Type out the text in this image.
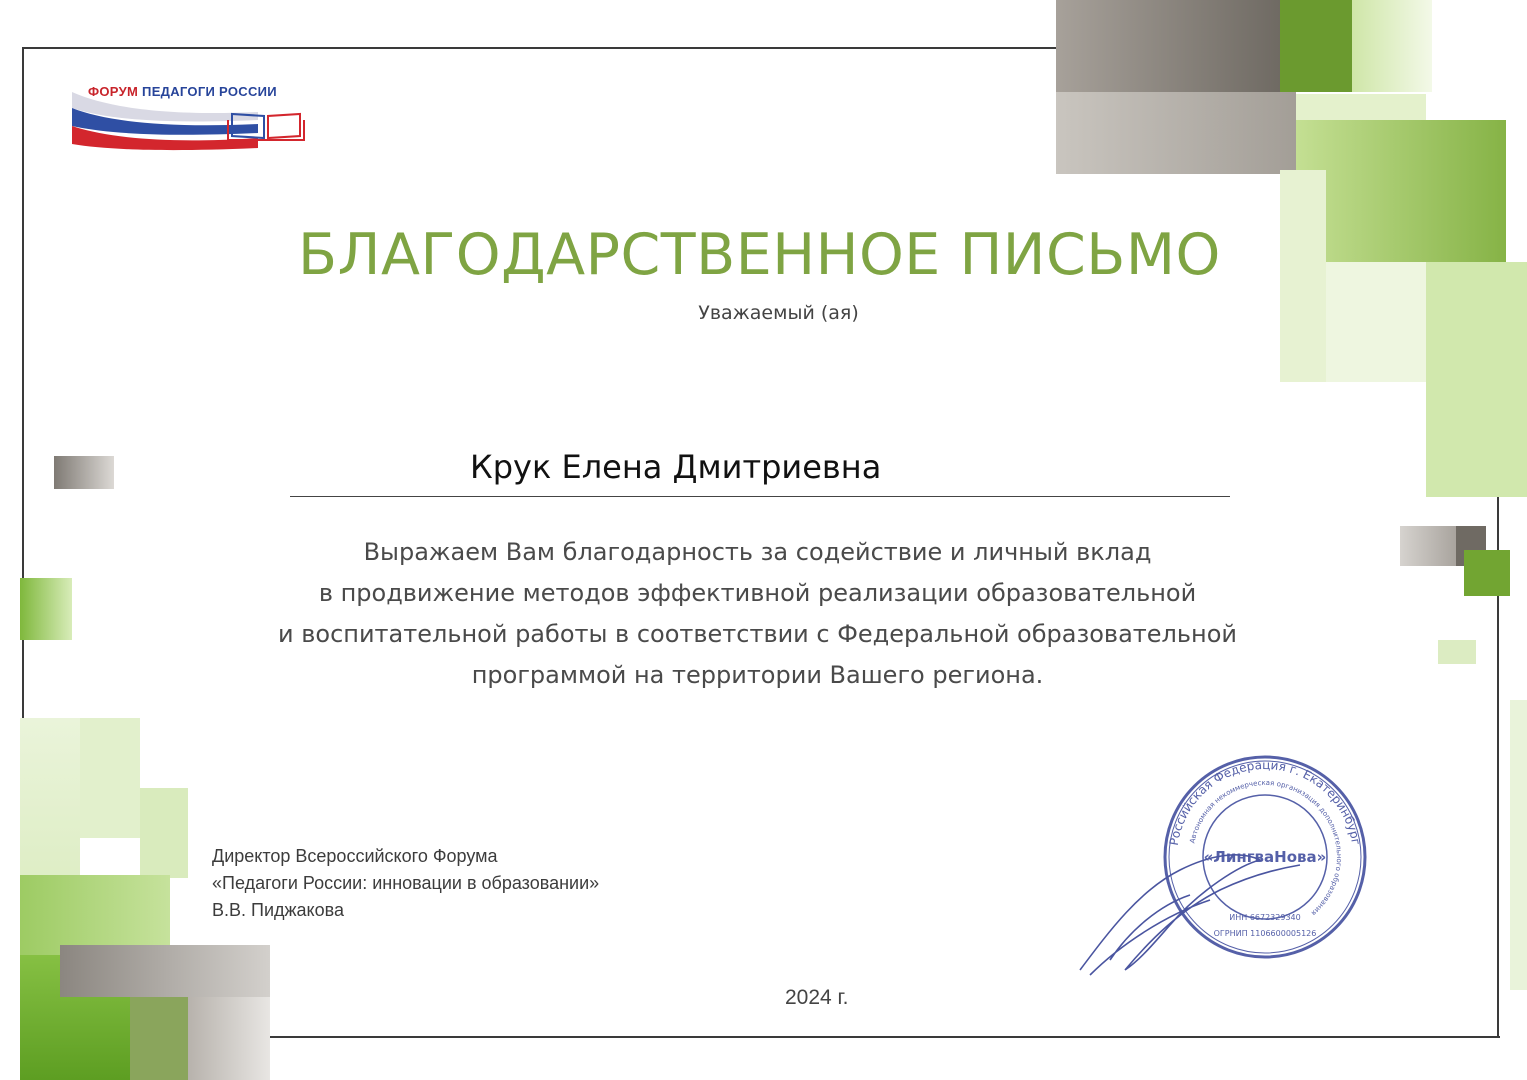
ФОРУМ ПЕДАГОГИ РОССИИ
БЛАГОДАРСТВЕННОЕ ПИСЬМО
Уважаемый (ая)
Крук Елена Дмитриевна
Выражаем Вам благодарность за содействие и личный вклад
в продвижение методов эффективной реализации образовательной
и воспитательной работы в соответствии с Федеральной образовательной
программой на территории Вашего региона.
Директор Всероссийского Форума
«Педагоги России: инновации в образовании»
В.В. Пиджакова
2024 г.
Российская Федерация г. Екатеринбург
Автономная некоммерческая организация дополнительного образования
«ЛингваНова»
ИНН 6672329340
ОГРНИП 1106600005126
